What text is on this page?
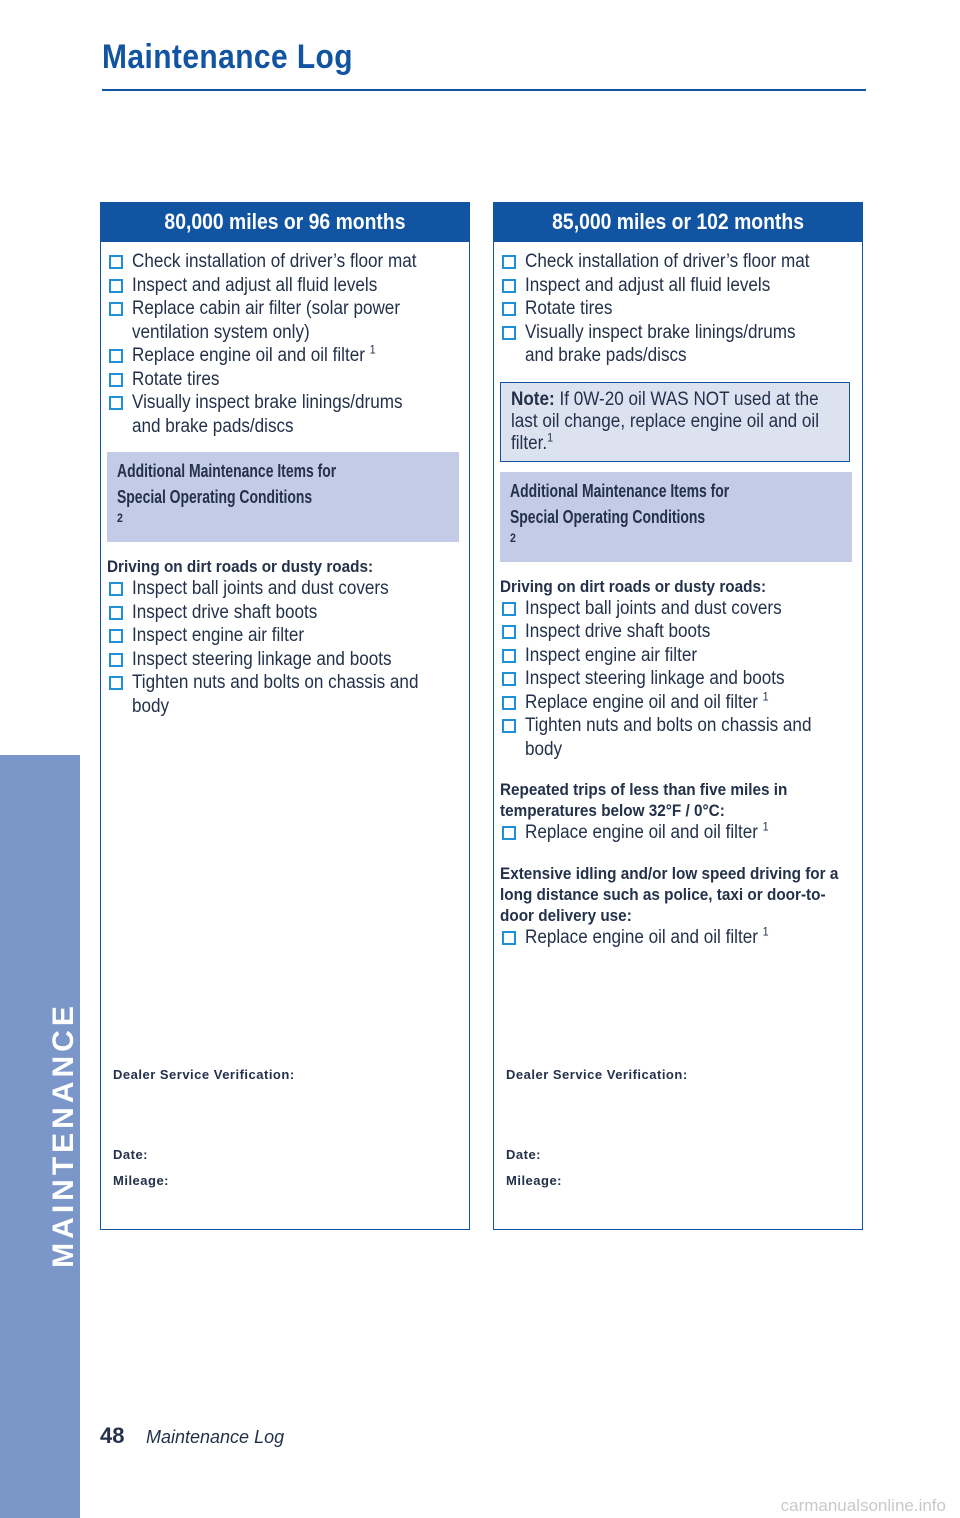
Maintenance Log
MAINTENANCE
80,000 miles or 96 months
Check installation of driver’s floor mat
Inspect and adjust all fluid levels
Replace cabin air filter (solar power ventilation system only)
Replace engine oil and oil filter $^1$
Rotate tires
Visually inspect brake linings/drums and brake pads/discs
Additional Maintenance Items for Special Operating Conditions$^2$
Driving on dirt roads or dusty roads:
Inspect ball joints and dust covers
Inspect drive shaft boots
Inspect engine air filter
Inspect steering linkage and boots
Tighten nuts and bolts on chassis and body
Dealer Service Verification:
Date:
Mileage:
85,000 miles or 102 months
Check installation of driver’s floor mat
Inspect and adjust all fluid levels
Rotate tires
Visually inspect brake linings/drums and brake pads/discs
Note: If 0W-20 oil WAS NOT used at the last oil change, replace engine oil and oil filter.$^1$
Additional Maintenance Items for Special Operating Conditions$^2$
Driving on dirt roads or dusty roads:
Inspect ball joints and dust covers
Inspect drive shaft boots
Inspect engine air filter
Inspect steering linkage and boots
Replace engine oil and oil filter $^1$
Tighten nuts and bolts on chassis and body
Repeated trips of less than five miles in temperatures below 32°F / 0°C:
Replace engine oil and oil filter $^1$
Extensive idling and/or low speed driving for a long distance such as police, taxi or door-to-door delivery use:
Replace engine oil and oil filter $^1$
Dealer Service Verification:
Date:
Mileage:
48 Maintenance Log
carmanualsonline.info
